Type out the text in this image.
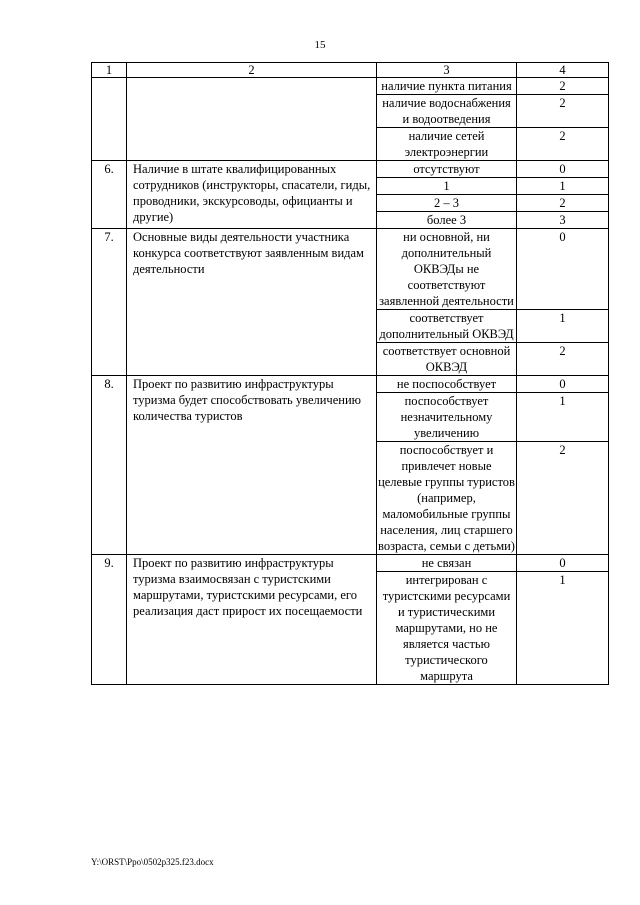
15
1	2	3	4
		наличие пункта питания	2
		наличие водоснабжения и водоотведения	2
		наличие сетей электроэнергии	2
6.	Наличие в штате квалифицированных сотрудников (инструкторы, спасатели, гиды, проводники, экскурсоводы, официанты и другие)	отсутствуют	0
		1	1
		2 – 3	2
		более 3	3
7.	Основные виды деятельности участника конкурса соответствуют заявленным видам деятельности	ни основной, ни дополнительный ОКВЭДы не соответствуют заявленной деятельности	0
		соответствует дополнительный ОКВЭД	1
		соответствует основной ОКВЭД	2
8.	Проект по развитию инфраструктуры туризма будет способствовать увеличению количества туристов	не поспособствует	0
		поспособствует незначительному увеличению	1
		поспособствует и привлечет новые целевые группы туристов (например, маломобильные группы населения, лиц старшего возраста, семьи с детьми)	2
9.	Проект по развитию инфраструктуры туризма взаимосвязан с туристскими маршрутами, туристскими ресурсами, его реализация даст прирост их посещаемости	не связан	0
		интегрирован с туристскими ресурсами и туристическими маршрутами, но не является частью туристического маршрута	1
Y:\ORST\Ppo\0502p325.f23.docx
